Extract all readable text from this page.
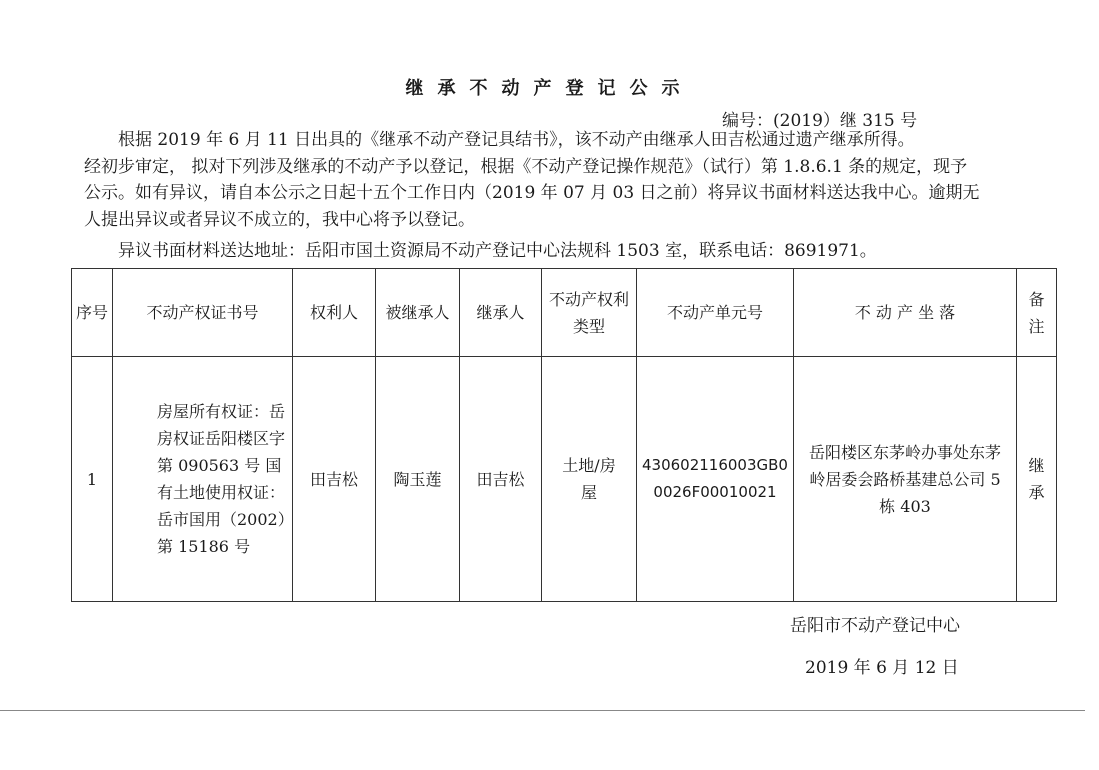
继承不动产登记公示
编号：(2019）继 315 号
根据 2019 年 6 月 11 日出具的《继承不动产登记具结书》，该不动产由继承人田吉松通过遗产继承所得。
经初步审定， 拟对下列涉及继承的不动产予以登记，根据《不动产登记操作规范》（试行）第 1.8.6.1 条的规定，现予
公示。如有异议，请自本公示之日起十五个工作日内（2019 年 07 月 03 日之前）将异议书面材料送达我中心。逾期无
人提出异议或者异议不成立的，我中心将予以登记。
异议书面材料送达地址：岳阳市国土资源局不动产登记中心法规科 1503 室，联系电话：8691971。
序号	不动产权证书号	权利人	被继承人	继承人	不动产权利类型	不动产单元号	不 动 产 坐 落	备注
1	房屋所有权证：岳房权证岳阳楼区字第 090563 号 国有土地使用权证：岳市国用（2002）第 15186 号	田吉松	陶玉莲	田吉松	土地/房屋	430602116003GB00026F00010021	岳阳楼区东茅岭办事处东茅岭居委会路桥基建总公司 5 栋 403	继承
岳阳市不动产登记中心
2019 年 6 月 12 日
